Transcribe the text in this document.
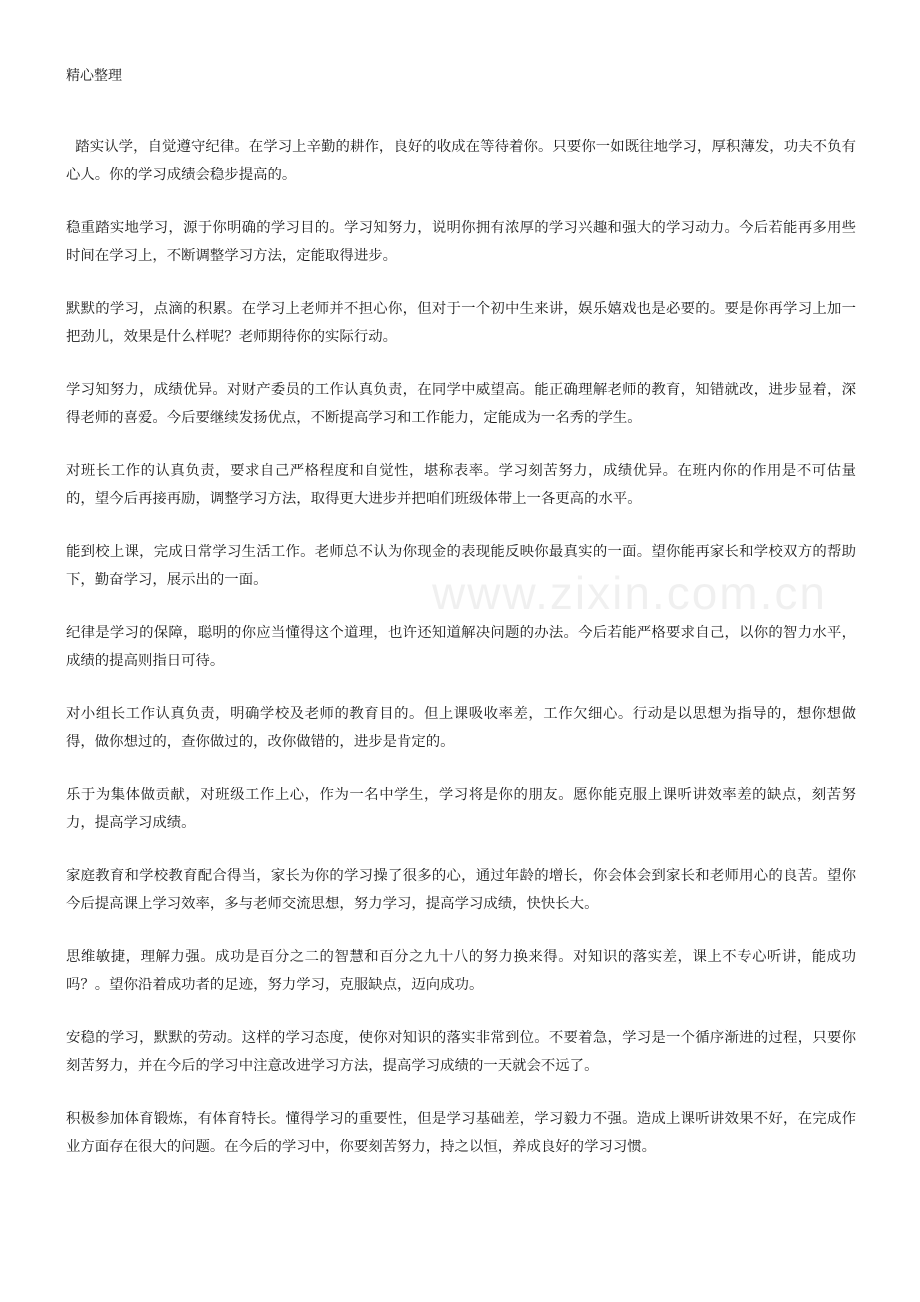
精心整理

www.zixin.com.cn

踏实认学，自觉遵守纪律。在学习上辛勤的耕作，良好的收成在等待着你。只要你一如既往地学习，厚积薄发，功夫不负有心人。你的学习成绩会稳步提高的。

稳重踏实地学习，源于你明确的学习目的。学习知努力，说明你拥有浓厚的学习兴趣和强大的学习动力。今后若能再多用些时间在学习上，不断调整学习方法，定能取得进步。

默默的学习，点滴的积累。在学习上老师并不担心你，但对于一个初中生来讲，娱乐嬉戏也是必要的。要是你再学习上加一把劲儿，效果是什么样呢？老师期待你的实际行动。

学习知努力，成绩优异。对财产委员的工作认真负责，在同学中威望高。能正确理解老师的教育，知错就改，进步显着，深得老师的喜爱。今后要继续发扬优点，不断提高学习和工作能力，定能成为一名秀的学生。

对班长工作的认真负责，要求自己严格程度和自觉性，堪称表率。学习刻苦努力，成绩优异。在班内你的作用是不可估量的，望今后再接再励，调整学习方法，取得更大进步并把咱们班级体带上一各更高的水平。

能到校上课，完成日常学习生活工作。老师总不认为你现金的表现能反映你最真实的一面。望你能再家长和学校双方的帮助下，勤奋学习，展示出的一面。

纪律是学习的保障，聪明的你应当懂得这个道理，也许还知道解决问题的办法。今后若能严格要求自己，以你的智力水平，成绩的提高则指日可待。

对小组长工作认真负责，明确学校及老师的教育目的。但上课吸收率差，工作欠细心。行动是以思想为指导的，想你想做得，做你想过的，查你做过的，改你做错的，进步是肯定的。

乐于为集体做贡献，对班级工作上心，作为一名中学生，学习将是你的朋友。愿你能克服上课听讲效率差的缺点，刻苦努力，提高学习成绩。

家庭教育和学校教育配合得当，家长为你的学习操了很多的心，通过年龄的增长，你会体会到家长和老师用心的良苦。望你今后提高课上学习效率，多与老师交流思想，努力学习，提高学习成绩，快快长大。

思维敏捷，理解力强。成功是百分之二的智慧和百分之九十八的努力换来得。对知识的落实差，课上不专心听讲，能成功吗？。望你沿着成功者的足迹，努力学习，克服缺点，迈向成功。

安稳的学习，默默的劳动。这样的学习态度，使你对知识的落实非常到位。不要着急，学习是一个循序渐进的过程，只要你刻苦努力，并在今后的学习中注意改进学习方法，提高学习成绩的一天就会不远了。

积极参加体育锻炼，有体育特长。懂得学习的重要性，但是学习基础差，学习毅力不强。造成上课听讲效果不好，在完成作业方面存在很大的问题。在今后的学习中，你要刻苦努力，持之以恒，养成良好的学习习惯。
